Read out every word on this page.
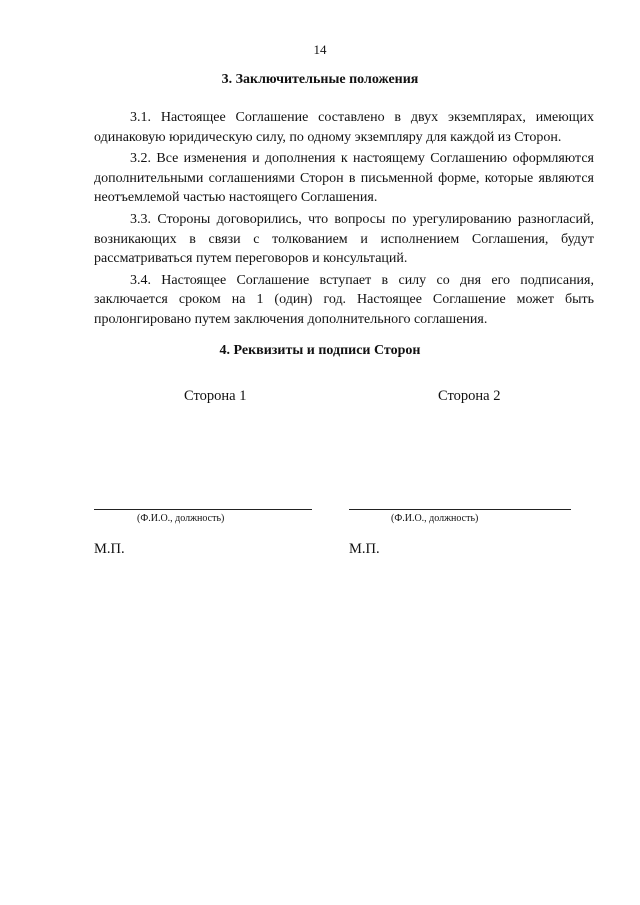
14
3. Заключительные положения

3.1. Настоящее Соглашение составлено в двух экземплярах, имеющих одинаковую юридическую силу, по одному экземпляру для каждой из Сторон.

3.2. Все изменения и дополнения к настоящему Соглашению оформляются дополнительными соглашениями Сторон в письменной форме, которые являются неотъемлемой частью настоящего Соглашения.

3.3. Стороны договорились, что вопросы по урегулированию разногласий, возникающих в связи с толкованием и исполнением Соглашения, будут рассматриваться путем переговоров и консультаций.

3.4. Настоящее Соглашение вступает в силу со дня его подписания, заключается сроком на 1 (один) год. Настоящее Соглашение может быть пролонгировано путем заключения дополнительного соглашения.

4. Реквизиты и подписи Сторон
Сторона 1	Сторона 2
(Ф.И.О., должность)	(Ф.И.О., должность)
М.П.	М.П.
